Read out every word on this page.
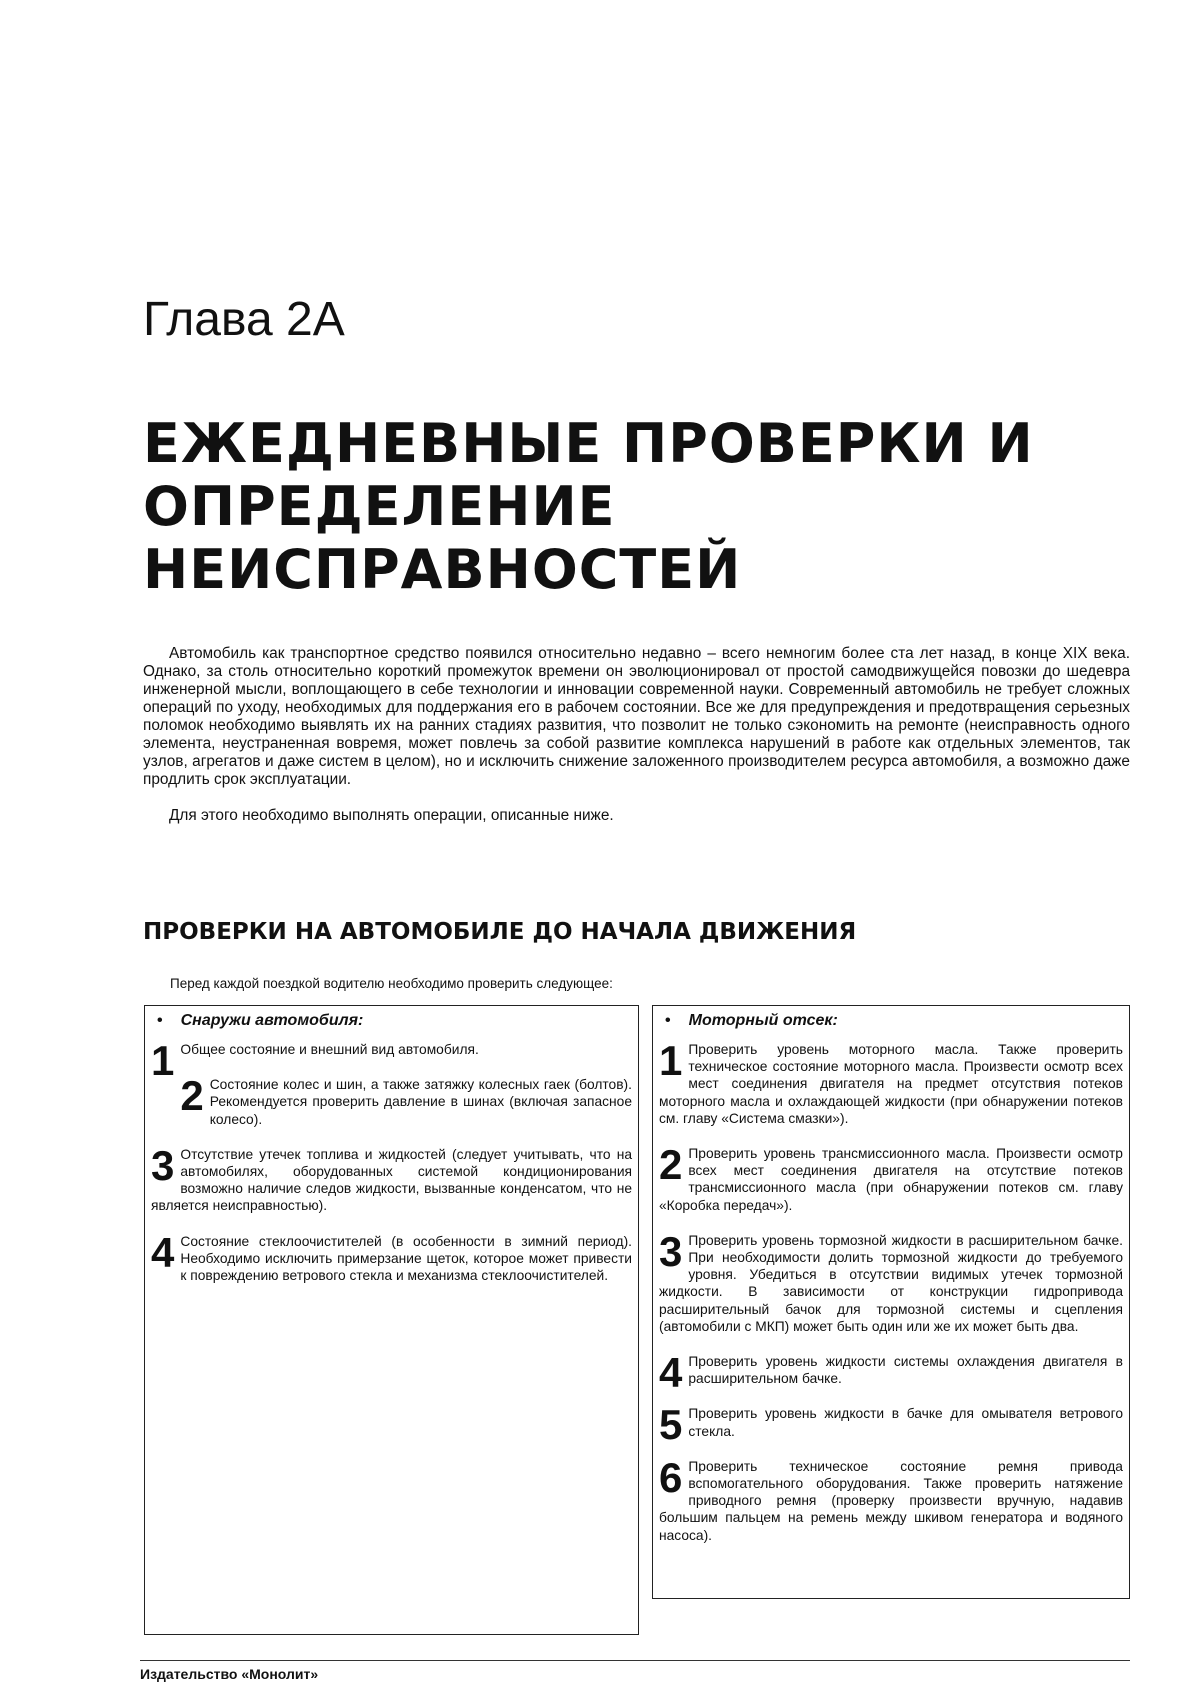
Глава 2А
ЕЖЕДНЕВНЫЕ ПРОВЕРКИ И ОПРЕДЕЛЕНИЕ НЕИСПРАВНОСТЕЙ

Автомобиль как транспортное средство появился относительно недавно – всего немногим более ста лет назад, в конце XIX века. Однако, за столь относительно короткий промежуток времени он эволюционировал от простой самодвижущейся повозки до шедевра инженерной мысли, воплощающего в себе технологии и инновации современной науки. Современный автомобиль не требует сложных операций по уходу, необходимых для поддержания его в рабочем состоянии. Все же для предупреждения и предотвращения серьезных поломок необходимо выявлять их на ранних стадиях развития, что позволит не только сэкономить на ремонте (неисправность одного элемента, неустраненная вовремя, может повлечь за собой развитие комплекса нарушений в работе как отдельных элементов, так узлов, агрегатов и даже систем в целом), но и исключить снижение заложенного производителем ресурса автомобиля, а возможно даже продлить срок эксплуатации.

Для этого необходимо выполнять операции, описанные ниже.

ПРОВЕРКИ НА АВТОМОБИЛЕ ДО НАЧАЛА ДВИЖЕНИЯ
Перед каждой поездкой водителю необходимо проверить следующее:
• Снаружи автомобиля:
1 Общее состояние и внешний вид автомобиля.
2 Состояние колес и шин, а также затяжку колесных гаек (болтов). Рекомендуется проверить давление в шинах (включая запасное колесо).
3 Отсутствие утечек топлива и жидкостей (следует учитывать, что на автомобилях, оборудованных системой кондиционирования возможно наличие следов жидкости, вызванные конденсатом, что не является неисправностью).
4 Состояние стеклоочистителей (в особенности в зимний период). Необходимо исключить примерзание щеток, которое может привести к повреждению ветрового стекла и механизма стеклоочистителей.
• Моторный отсек:
1 Проверить уровень моторного масла. Также проверить техническое состояние моторного масла. Произвести осмотр всех мест соединения двигателя на предмет отсутствия потеков моторного масла и охлаждающей жидкости (при обнаружении потеков см. главу «Система смазки»).
2 Проверить уровень трансмиссионного масла. Произвести осмотр всех мест соединения двигателя на отсутствие потеков трансмиссионного масла (при обнаружении потеков см. главу «Коробка передач»).
3 Проверить уровень тормозной жидкости в расширительном бачке. При необходимости долить тормозной жидкости до требуемого уровня. Убедиться в отсутствии видимых утечек тормозной жидкости. В зависимости от конструкции гидропривода расширительный бачок для тормозной системы и сцепления (автомобили с МКП) может быть один или же их может быть два.
4 Проверить уровень жидкости системы охлаждения двигателя в расширительном бачке.
5 Проверить уровень жидкости в бачке для омывателя ветрового стекла.
6 Проверить техническое состояние ремня привода вспомогательного оборудования. Также проверить натяжение приводного ремня (проверку произвести вручную, надавив большим пальцем на ремень между шкивом генератора и водяного насоса).
Издательство «Монолит»
